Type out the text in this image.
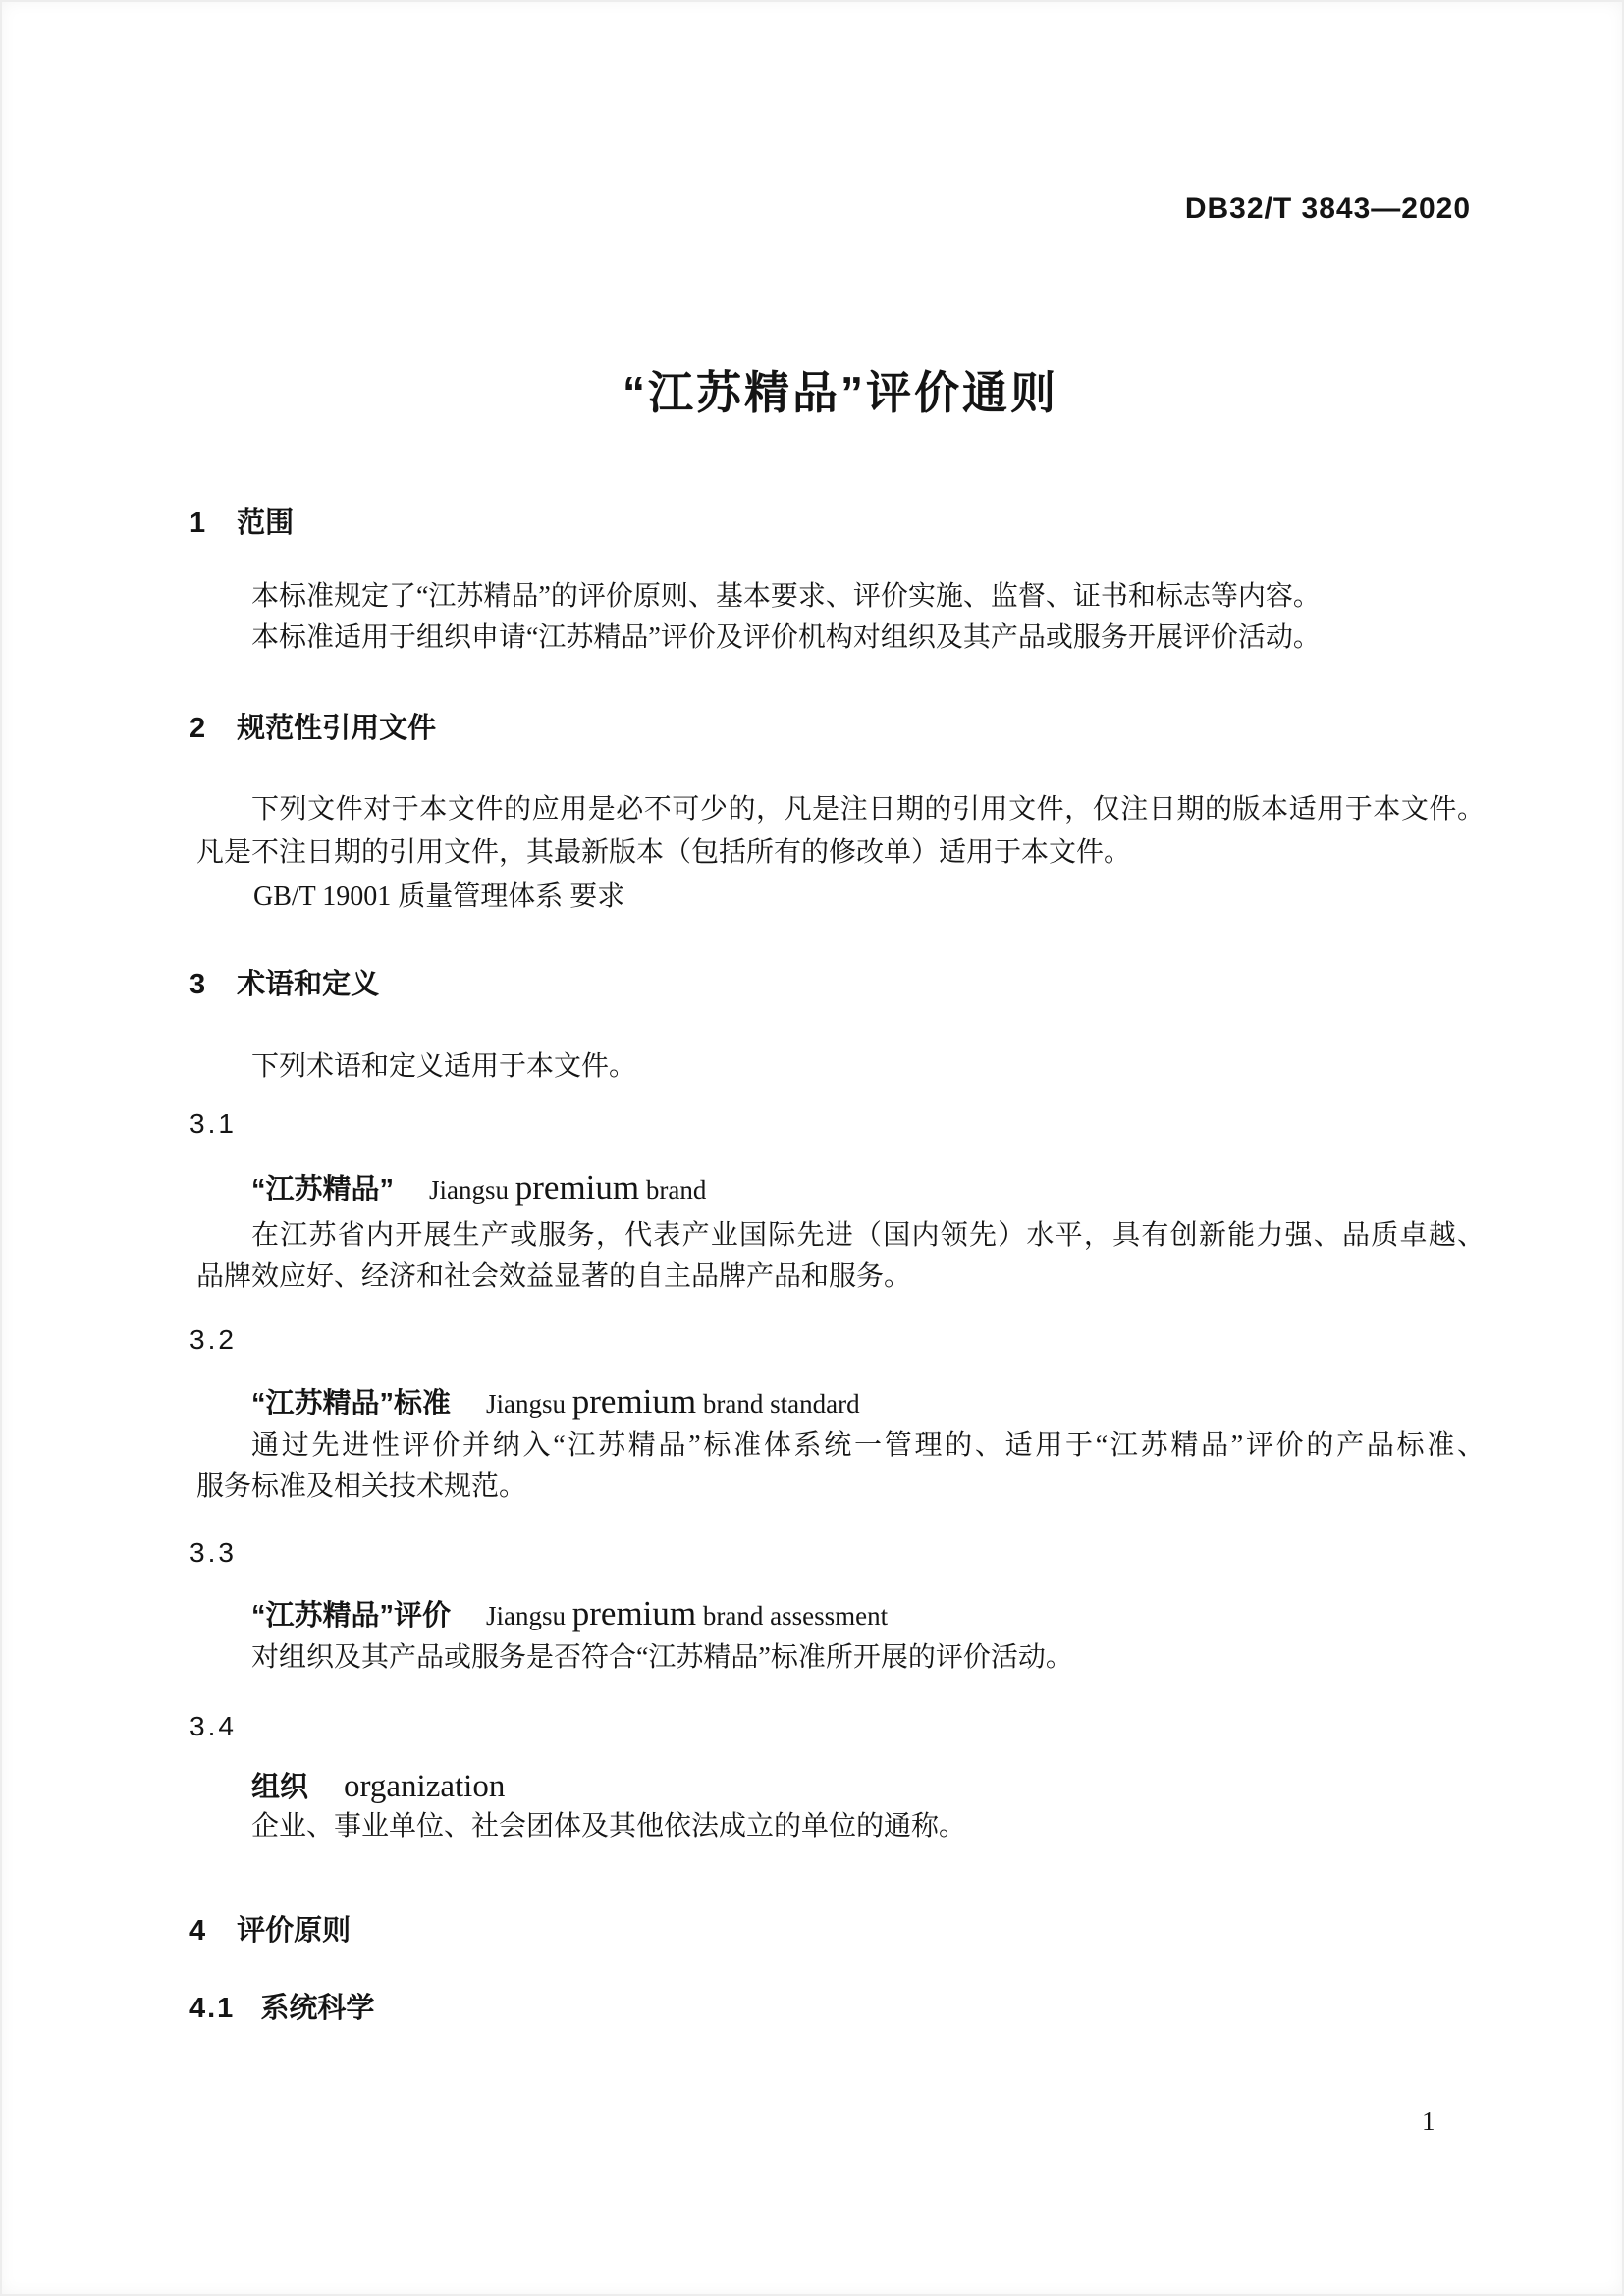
DB32/T 3843—2020
“江苏精品”评价通则
1 范围
本标准规定了“江苏精品”的评价原则、基本要求、评价实施、监督、证书和标志等内容。
本标准适用于组织申请“江苏精品”评价及评价机构对组织及其产品或服务开展评价活动。
2 规范性引用文件
下列文件对于本文件的应用是必不可少的，凡是注日期的引用文件，仅注日期的版本适用于本文件。
凡是不注日期的引用文件，其最新版本（包括所有的修改单）适用于本文件。
GB/T 19001 质量管理体系 要求
3 术语和定义
下列术语和定义适用于本文件。
3.1
“江苏精品” Jiangsu premium brand
在江苏省内开展生产或服务，代表产业国际先进（国内领先）水平，具有创新能力强、品质卓越、
品牌效应好、经济和社会效益显著的自主品牌产品和服务。
3.2
“江苏精品”标准 Jiangsu premium brand standard
通过先进性评价并纳入“江苏精品”标准体系统一管理的、适用于“江苏精品”评价的产品标准、
服务标准及相关技术规范。
3.3
“江苏精品”评价 Jiangsu premium brand assessment
对组织及其产品或服务是否符合“江苏精品”标准所开展的评价活动。
3.4
组织 organization
企业、事业单位、社会团体及其他依法成立的单位的通称。
4 评价原则
4.1 系统科学
1
